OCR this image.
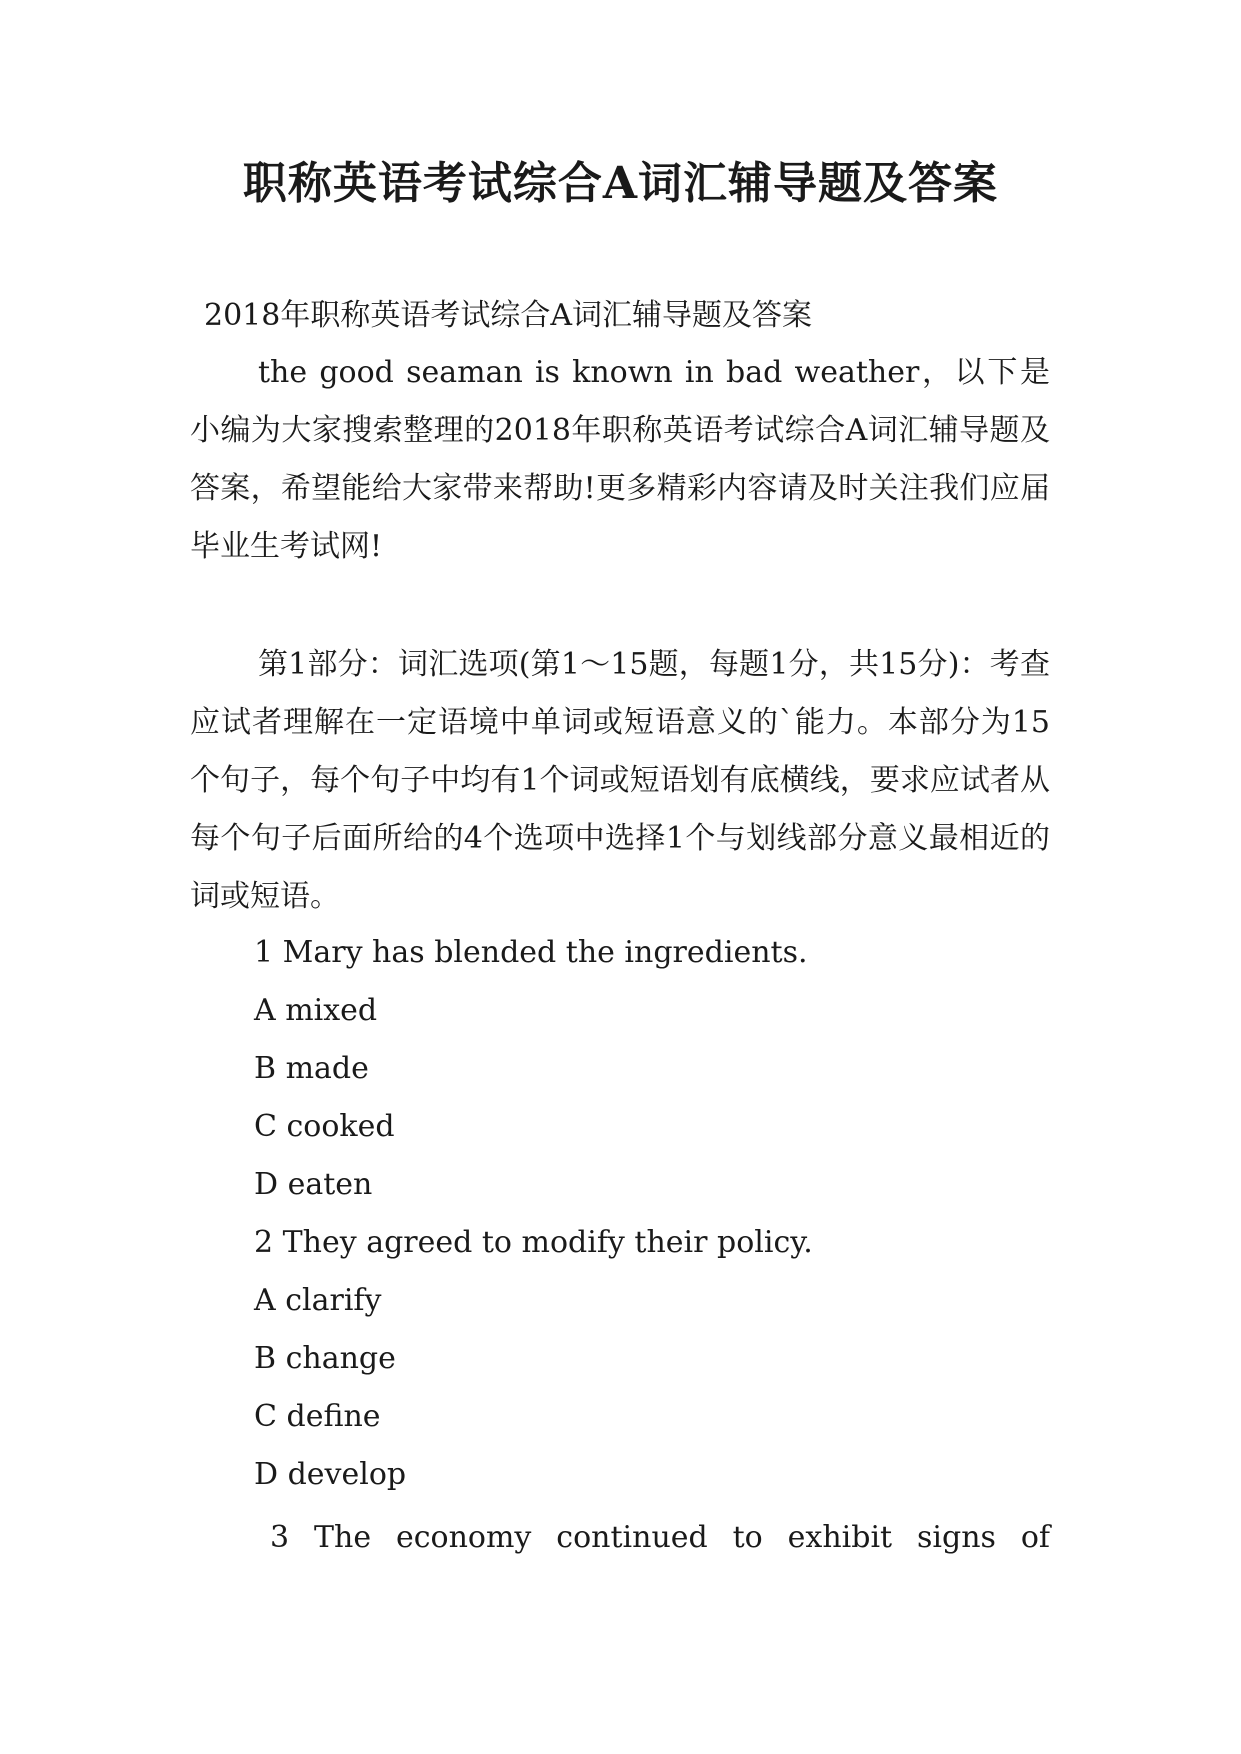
职称英语考试综合A词汇辅导题及答案
2018年职称英语考试综合A词汇辅导题及答案
the good seaman is known in bad weather，以下是小编为大家搜索整理的2018年职称英语考试综合A词汇辅导题及答案，希望能给大家带来帮助!更多精彩内容请及时关注我们应届毕业生考试网!
第1部分：词汇选项(第1～15题，每题1分，共15分)：考查应试者理解在一定语境中单词或短语意义的`能力。本部分为15个句子，每个句子中均有1个词或短语划有底横线，要求应试者从每个句子后面所给的4个选项中选择1个与划线部分意义最相近的词或短语。
1 Mary has blended the ingredients.
A mixed
B made
C cooked
D eaten
2 They agreed to modify their policy.
A clarify
B change
C define
D develop
3 The economy continued to exhibit signs of
